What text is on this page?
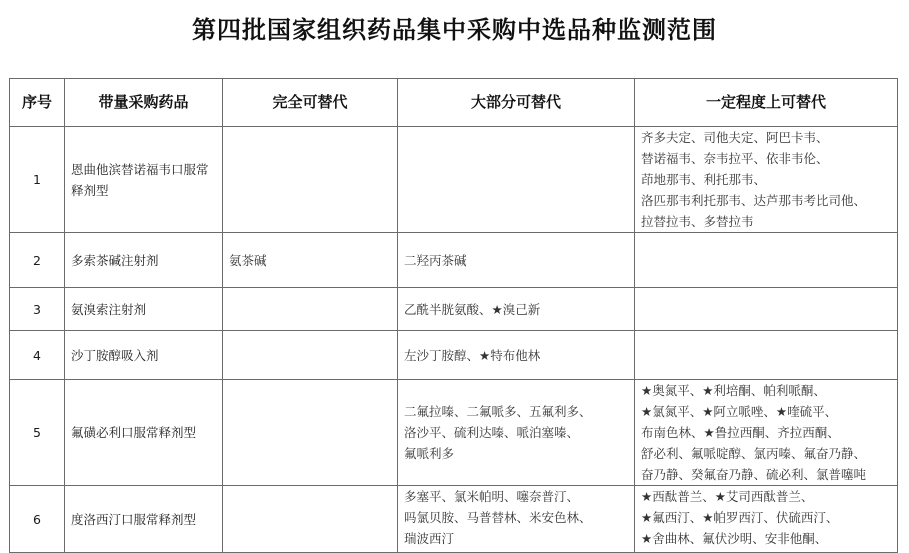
第四批国家组织药品集中采购中选品种监测范围
序号	带量采购药品	完全可替代	大部分可替代	一定程度上可替代
1	恩曲他滨替诺福韦口服常释剂型			齐多夫定、司他夫定、阿巴卡韦、
替诺福韦、奈韦拉平、依非韦伦、
茚地那韦、利托那韦、
洛匹那韦利托那韦、达芦那韦考比司他、
拉替拉韦、多替拉韦

2	多索茶碱注射剂	氨茶碱	二羟丙茶碱	

3	氨溴索注射剂		乙酰半胱氨酸、★溴己新	

4	沙丁胺醇吸入剂		左沙丁胺醇、★特布他林	

5	氟磺必利口服常释剂型		二氟拉嗪、二氟哌多、五氟利多、
洛沙平、硫利达嗪、哌泊塞嗪、
氟哌利多	★奥氮平、★利培酮、帕利哌酮、
★氯氮平、★阿立哌唑、★喹硫平、
布南色林、★鲁拉西酮、齐拉西酮、
舒必利、氟哌啶醇、氯丙嗪、氟奋乃静、
奋乃静、癸氟奋乃静、硫必利、氯普噻吨

6	度洛西汀口服常释剂型		多塞平、氯米帕明、噻奈普汀、
吗氯贝胺、马普替林、米安色林、
瑞波西汀	★西酞普兰、★艾司西酞普兰、
★氟西汀、★帕罗西汀、伏硫西汀、
★舍曲林、氟伏沙明、安非他酮、
